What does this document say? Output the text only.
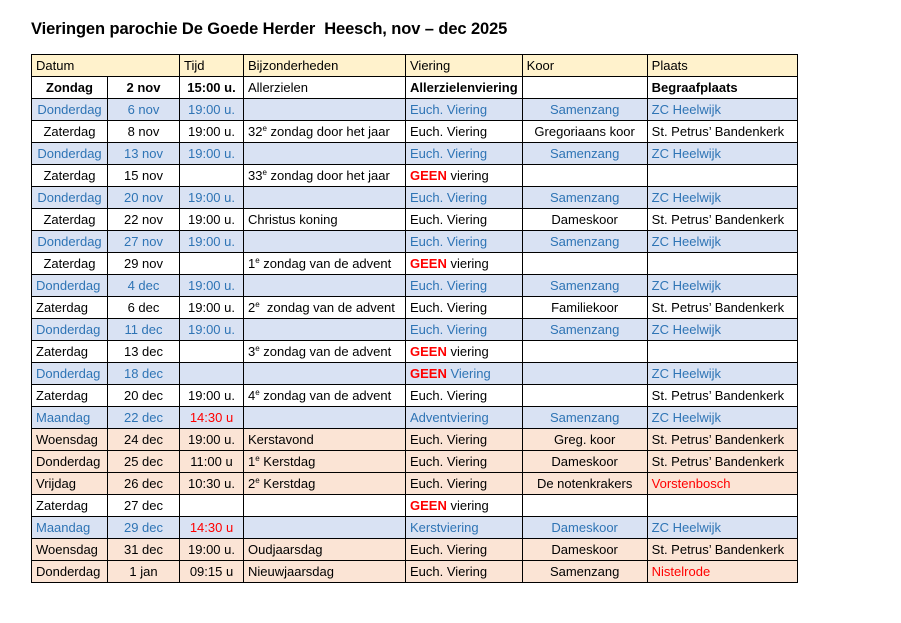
Vieringen parochie De Goede Herder  Heesch, nov – dec 2025
Datum		Tijd	Bijzonderheden	Viering	Koor	Plaats
Zondag	2 nov	15:00 u.	Allerzielen	Allerzielenviering		Begraafplaats
Donderdag	6 nov	19:00 u.		Euch. Viering	Samenzang	ZC Heelwijk
Zaterdag	8 nov	19:00 u.	32e zondag door het jaar	Euch. Viering	Gregoriaans koor	St. Petrus’ Bandenkerk
Donderdag	13 nov	19:00 u.		Euch. Viering	Samenzang	ZC Heelwijk
Zaterdag	15 nov		33e zondag door het jaar	GEEN viering		
Donderdag	20 nov	19:00 u.		Euch. Viering	Samenzang	ZC Heelwijk
Zaterdag	22 nov	19:00 u.	Christus koning	Euch. Viering	Dameskoor	St. Petrus’ Bandenkerk
Donderdag	27 nov	19:00 u.		Euch. Viering	Samenzang	ZC Heelwijk
Zaterdag	29 nov		1e zondag van de advent	GEEN viering		
Donderdag	4 dec	19:00 u.		Euch. Viering	Samenzang	ZC Heelwijk
Zaterdag	6 dec	19:00 u.	2e  zondag van de advent	Euch. Viering	Familiekoor	St. Petrus’ Bandenkerk
Donderdag	11 dec	19:00 u.		Euch. Viering	Samenzang	ZC Heelwijk
Zaterdag	13 dec		3e zondag van de advent	GEEN viering		
Donderdag	18 dec			GEEN Viering		ZC Heelwijk
Zaterdag	20 dec	19:00 u.	4e zondag van de advent	Euch. Viering		St. Petrus’ Bandenkerk
Maandag	22 dec	14:30 u		Adventviering	Samenzang	ZC Heelwijk
Woensdag	24 dec	19:00 u.	Kerstavond	Euch. Viering	Greg. koor	St. Petrus’ Bandenkerk
Donderdag	25 dec	11:00 u	1e Kerstdag	Euch. Viering	Dameskoor	St. Petrus’ Bandenkerk
Vrijdag	26 dec	10:30 u.	2e Kerstdag	Euch. Viering	De notenkrakers	Vorstenbosch
Zaterdag	27 dec			GEEN viering		
Maandag	29 dec	14:30 u		Kerstviering	Dameskoor	ZC Heelwijk
Woensdag	31 dec	19:00 u.	Oudjaarsdag	Euch. Viering	Dameskoor	St. Petrus’ Bandenkerk
Donderdag	1 jan	09:15 u	Nieuwjaarsdag	Euch. Viering	Samenzang	Nistelrode
